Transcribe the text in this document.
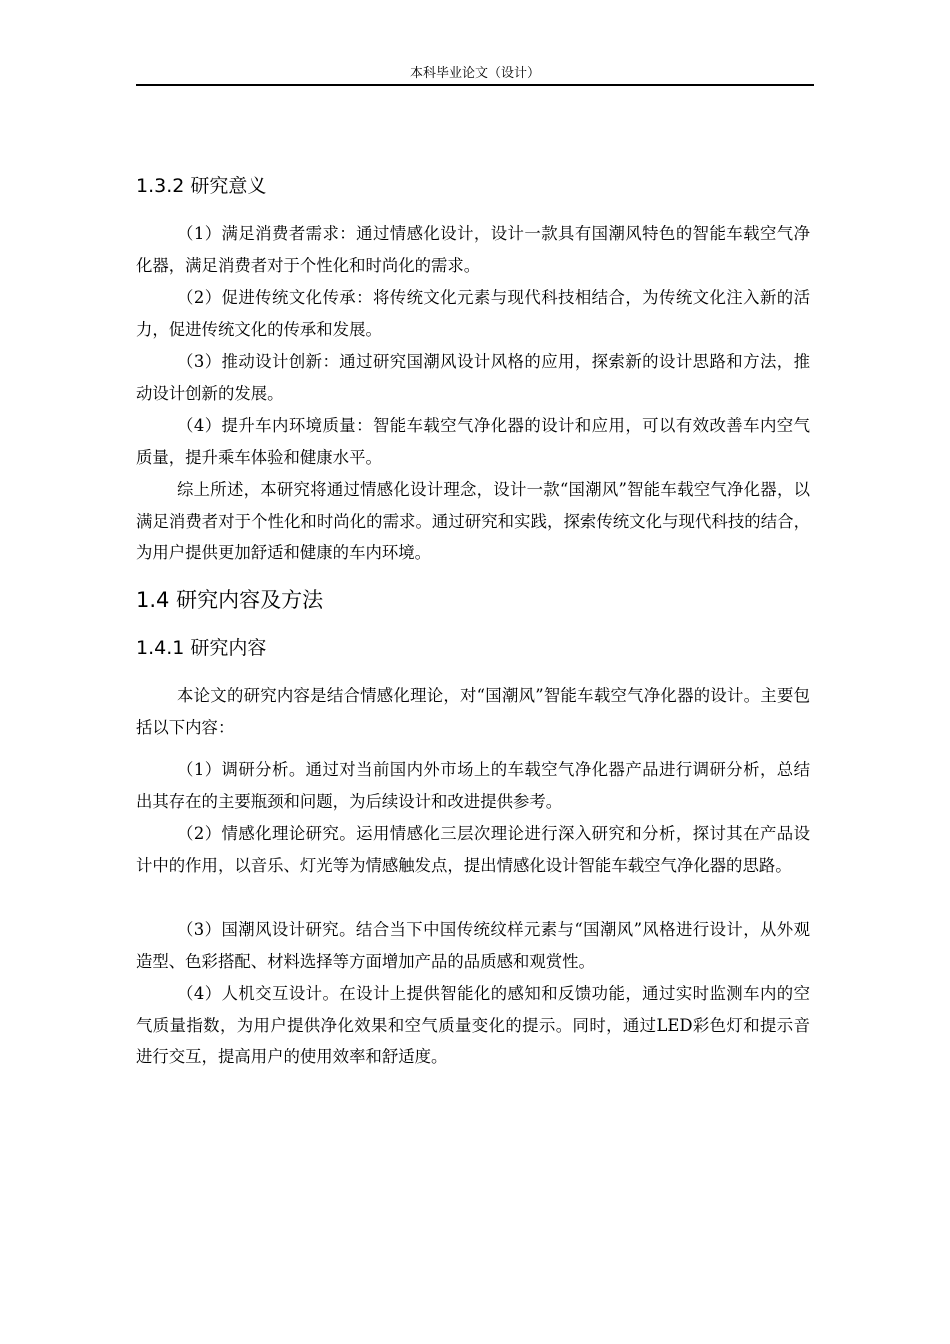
本科毕业论文（设计）
1.3.2 研究意义

（1）满足消费者需求：通过情感化设计，设计一款具有国潮风特色的智能车载空气净化器，满足消费者对于个性化和时尚化的需求。

（2）促进传统文化传承：将传统文化元素与现代科技相结合，为传统文化注入新的活力，促进传统文化的传承和发展。

（3）推动设计创新：通过研究国潮风设计风格的应用，探索新的设计思路和方法，推动设计创新的发展。

（4）提升车内环境质量：智能车载空气净化器的设计和应用，可以有效改善车内空气质量，提升乘车体验和健康水平。

综上所述，本研究将通过情感化设计理念，设计一款“国潮风”智能车载空气净化器，以满足消费者对于个性化和时尚化的需求。通过研究和实践，探索传统文化与现代科技的结合，为用户提供更加舒适和健康的车内环境。

1.4 研究内容及方法
1.4.1 研究内容

本论文的研究内容是结合情感化理论，对“国潮风”智能车载空气净化器的设计。主要包括以下内容：

（1）调研分析。通过对当前国内外市场上的车载空气净化器产品进行调研分析，总结出其存在的主要瓶颈和问题，为后续设计和改进提供参考。

（2）情感化理论研究。运用情感化三层次理论进行深入研究和分析，探讨其在产品设计中的作用，以音乐、灯光等为情感触发点，提出情感化设计智能车载空气净化器的思路。

（3）国潮风设计研究。结合当下中国传统纹样元素与“国潮风”风格进行设计，从外观造型、色彩搭配、材料选择等方面增加产品的品质感和观赏性。

（4）人机交互设计。在设计上提供智能化的感知和反馈功能，通过实时监测车内的空气质量指数，为用户提供净化效果和空气质量变化的提示。同时，通过LED彩色灯和提示音进行交互，提高用户的使用效率和舒适度。
